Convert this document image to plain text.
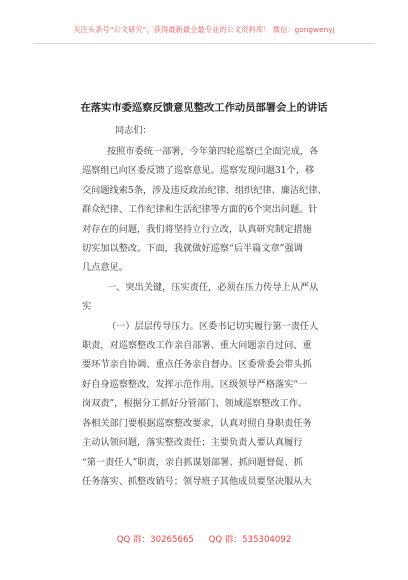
关注头条号“公文研究”，获得最新最全最专业的公文资料库！ 微信：gongwenyj
在落实市委巡察反馈意见整改工作动员部署会上的讲话
同志们：
按照市委统一部署，今年第四轮巡察已全面完成，各
巡察组已向区委反馈了巡察意见。巡察发现问题31个，移
交问题线索5条，涉及违反政治纪律、组织纪律、廉洁纪律、
群众纪律、工作纪律和生活纪律等方面的6个突出问题。针
对存在的问题，我们将坚持立行立改，认真研究制定措施
切实加以整改。下面，我就做好巡察“后半篇文章”强调
几点意见。
一、突出关键，压实责任，必须在压力传导上从严从
实
（一）层层传导压力。区委书记切实履行第一责任人
职责，对巡察整改工作亲自部署、重大问题亲自过问、重
要环节亲自协调、重点任务亲自督办。区委常委会带头抓
好自身巡察整改，发挥示范作用。区级领导严格落实“一
岗双责”，根据分工抓好分管部门、领域巡察整改工作。
各相关部门要根据巡察整改要求，认真对照自身职责任务
主动认领问题，落实整改责任；主要负责人要认真履行
“第一责任人”职责，亲自抓谋划部署、抓问题督促、抓
任务落实、抓整改销号；领导班子其他成员要坚决服从大
QQ 群：30265665 QQ 群：535304092
